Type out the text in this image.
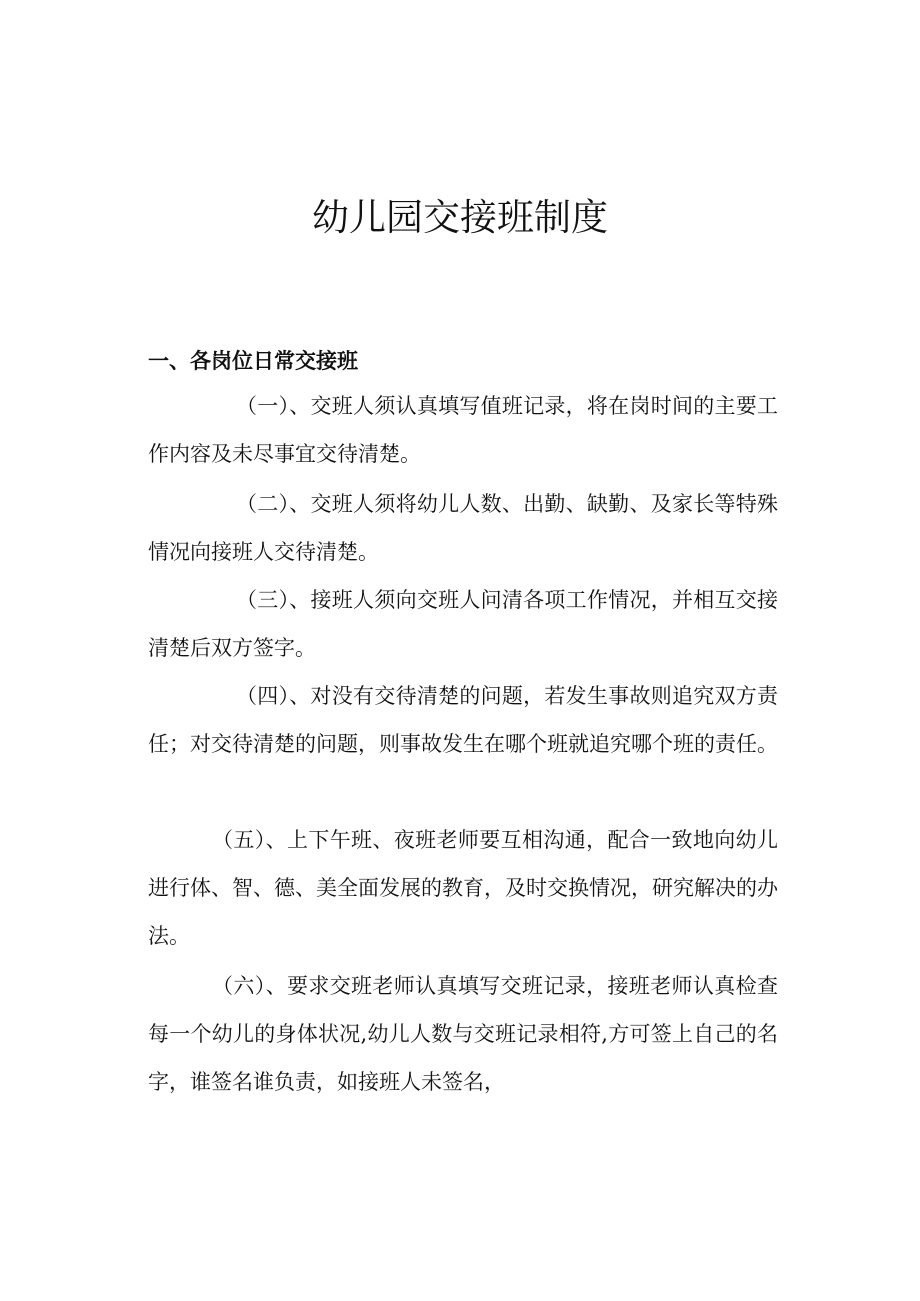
幼儿园交接班制度
一、各岗位日常交接班

（一）、交班人须认真填写值班记录，将在岗时间的主要工作内容及未尽事宜交待清楚。

（二）、交班人须将幼儿人数、出勤、缺勤、及家长等特殊情况向接班人交待清楚。

（三）、接班人须向交班人问清各项工作情况，并相互交接清楚后双方签字。

（四）、对没有交待清楚的问题，若发生事故则追究双方责任；对交待清楚的问题，则事故发生在哪个班就追究哪个班的责任。

（五）、上下午班、夜班老师要互相沟通，配合一致地向幼儿进行体、智、德、美全面发展的教育，及时交换情况，研究解决的办法。

（六）、要求交班老师认真填写交班记录，接班老师认真检查每一个幼儿的身体状况,幼儿人数与交班记录相符,方可签上自己的名字，谁签名谁负责，如接班人未签名，
